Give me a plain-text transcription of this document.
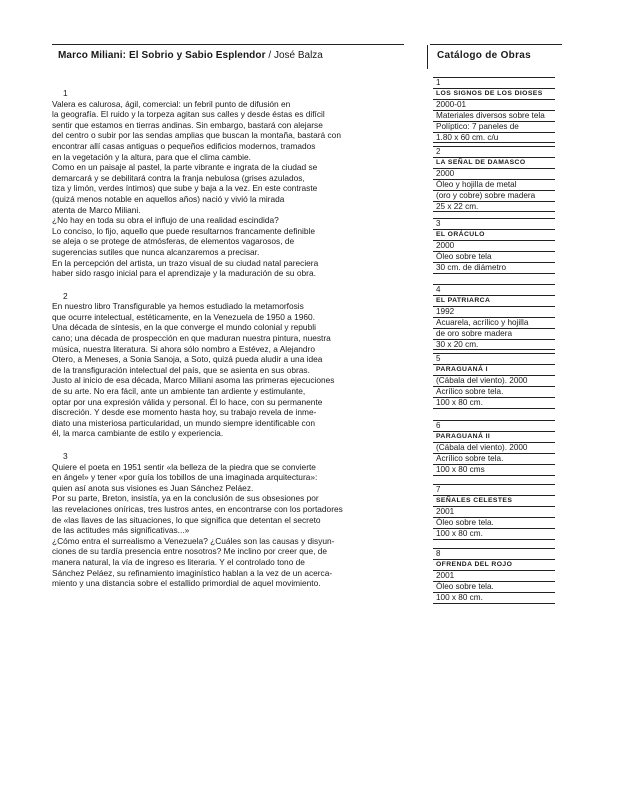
Marco Miliani: El Sobrio y Sabio Esplendor / José Balza	Catálogo de Obras
1
Valera es calurosa, ágil, comercial: un febril punto de difusión en
la geografía. El ruido y la torpeza agitan sus calles y desde éstas es difícil
sentir que estamos en tierras andinas. Sin embargo, bastará con alejarse
del centro o subir por las sendas amplias que buscan la montaña, bastará con
encontrar allí casas antiguas o pequeños edificios modernos, tramados
en la vegetación y la altura, para que el clima cambie.
Como en un paisaje al pastel, la parte vibrante e ingrata de la ciudad se
demarcará y se debilitará contra la franja nebulosa (grises azulados,
tiza y limón, verdes íntimos) que sube y baja a la vez. En este contraste
(quizá menos notable en aquellos años) nació y vivió la mirada
atenta de Marco Miliani.
¿No hay en toda su obra el influjo de una realidad escindida?
Lo conciso, lo fijo, aquello que puede resultarnos francamente definible
se aleja o se protege de atmósferas, de elementos vagarosos, de
sugerencias sutiles que nunca alcanzaremos a precisar.
En la percepción del artista, un trazo visual de su ciudad natal pareciera
haber sido rasgo inicial para el aprendizaje y la maduración de su obra.
2
En nuestro libro Transfigurable ya hemos estudiado la metamorfosis
que ocurre intelectual, estéticamente, en la Venezuela de 1950 a 1960.
Una década de síntesis, en la que converge el mundo colonial y republi
cano; una década de prospección en que maduran nuestra pintura, nuestra
música, nuestra literatura. Si ahora sólo nombro a Estévez, a Alejandro
Otero, a Meneses, a Sonia Sanoja, a Soto, quizá pueda aludir a una idea
de la transfiguración intelectual del país, que se asienta en sus obras.
Justo al inicio de esa década, Marco Miliani asoma las primeras ejecuciones
de su arte. No era fácil, ante un ambiente tan ardiente y estimulante,
optar por una expresión válida y personal. Él lo hace, con su permanente
discreción. Y desde ese momento hasta hoy, su trabajo revela de inme-
diato una misteriosa particularidad, un mundo siempre identificable con
él, la marca cambiante de estilo y experiencia.
3
Quiere el poeta en 1951 sentir «la belleza de la piedra que se convierte
en ángel» y tener «por guía los tobillos de una imaginada arquitectura»:
quien así anota sus visiones es Juan Sánchez Peláez.
Por su parte, Breton, insistía, ya en la conclusión de sus obsesiones por
las revelaciones oníricas, tres lustros antes, en encontrarse con los portadores
de «las llaves de las situaciones, lo que significa que detentan el secreto
de las actitudes más significativas...»
¿Cómo entra el surrealismo a Venezuela? ¿Cuáles son las causas y disyun-
ciones de su tardía presencia entre nosotros? Me inclino por creer que, de
manera natural, la vía de ingreso es literaria. Y el controlado tono de
Sánchez Peláez, su refinamiento imaginístico hablan a la vez de un acerca-
miento y una distancia sobre el estallido primordial de aquel movimiento.
1
LOS SIGNOS DE LOS DIOSES
2000-01
Materiales diversos sobre tela
Políptico: 7 paneles de
1.80 x 60 cm. c/u
2
LA SEÑAL DE DAMASCO
2000
Óleo y hojilla de metal
(oro y cobre) sobre madera
25 x 22 cm.
3
EL ORÁCULO
2000
Óleo sobre tela
30 cm. de diámetro
4
EL PATRIARCA
1992
Acuarela, acrílico y hojilla
de oro sobre madera
30 x 20 cm.
5
PARAGUANÁ I
(Cábala del viento). 2000
Acrílico sobre tela.
100 x 80 cm.
6
PARAGUANÁ II
(Cábala del viento). 2000
Acrílico sobre tela.
100 x 80 cms
7
SEÑALES CELESTES
2001
Óleo sobre tela.
100 x 80 cm.
8
OFRENDA DEL ROJO
2001
Óleo sobre tela.
100 x 80 cm.
